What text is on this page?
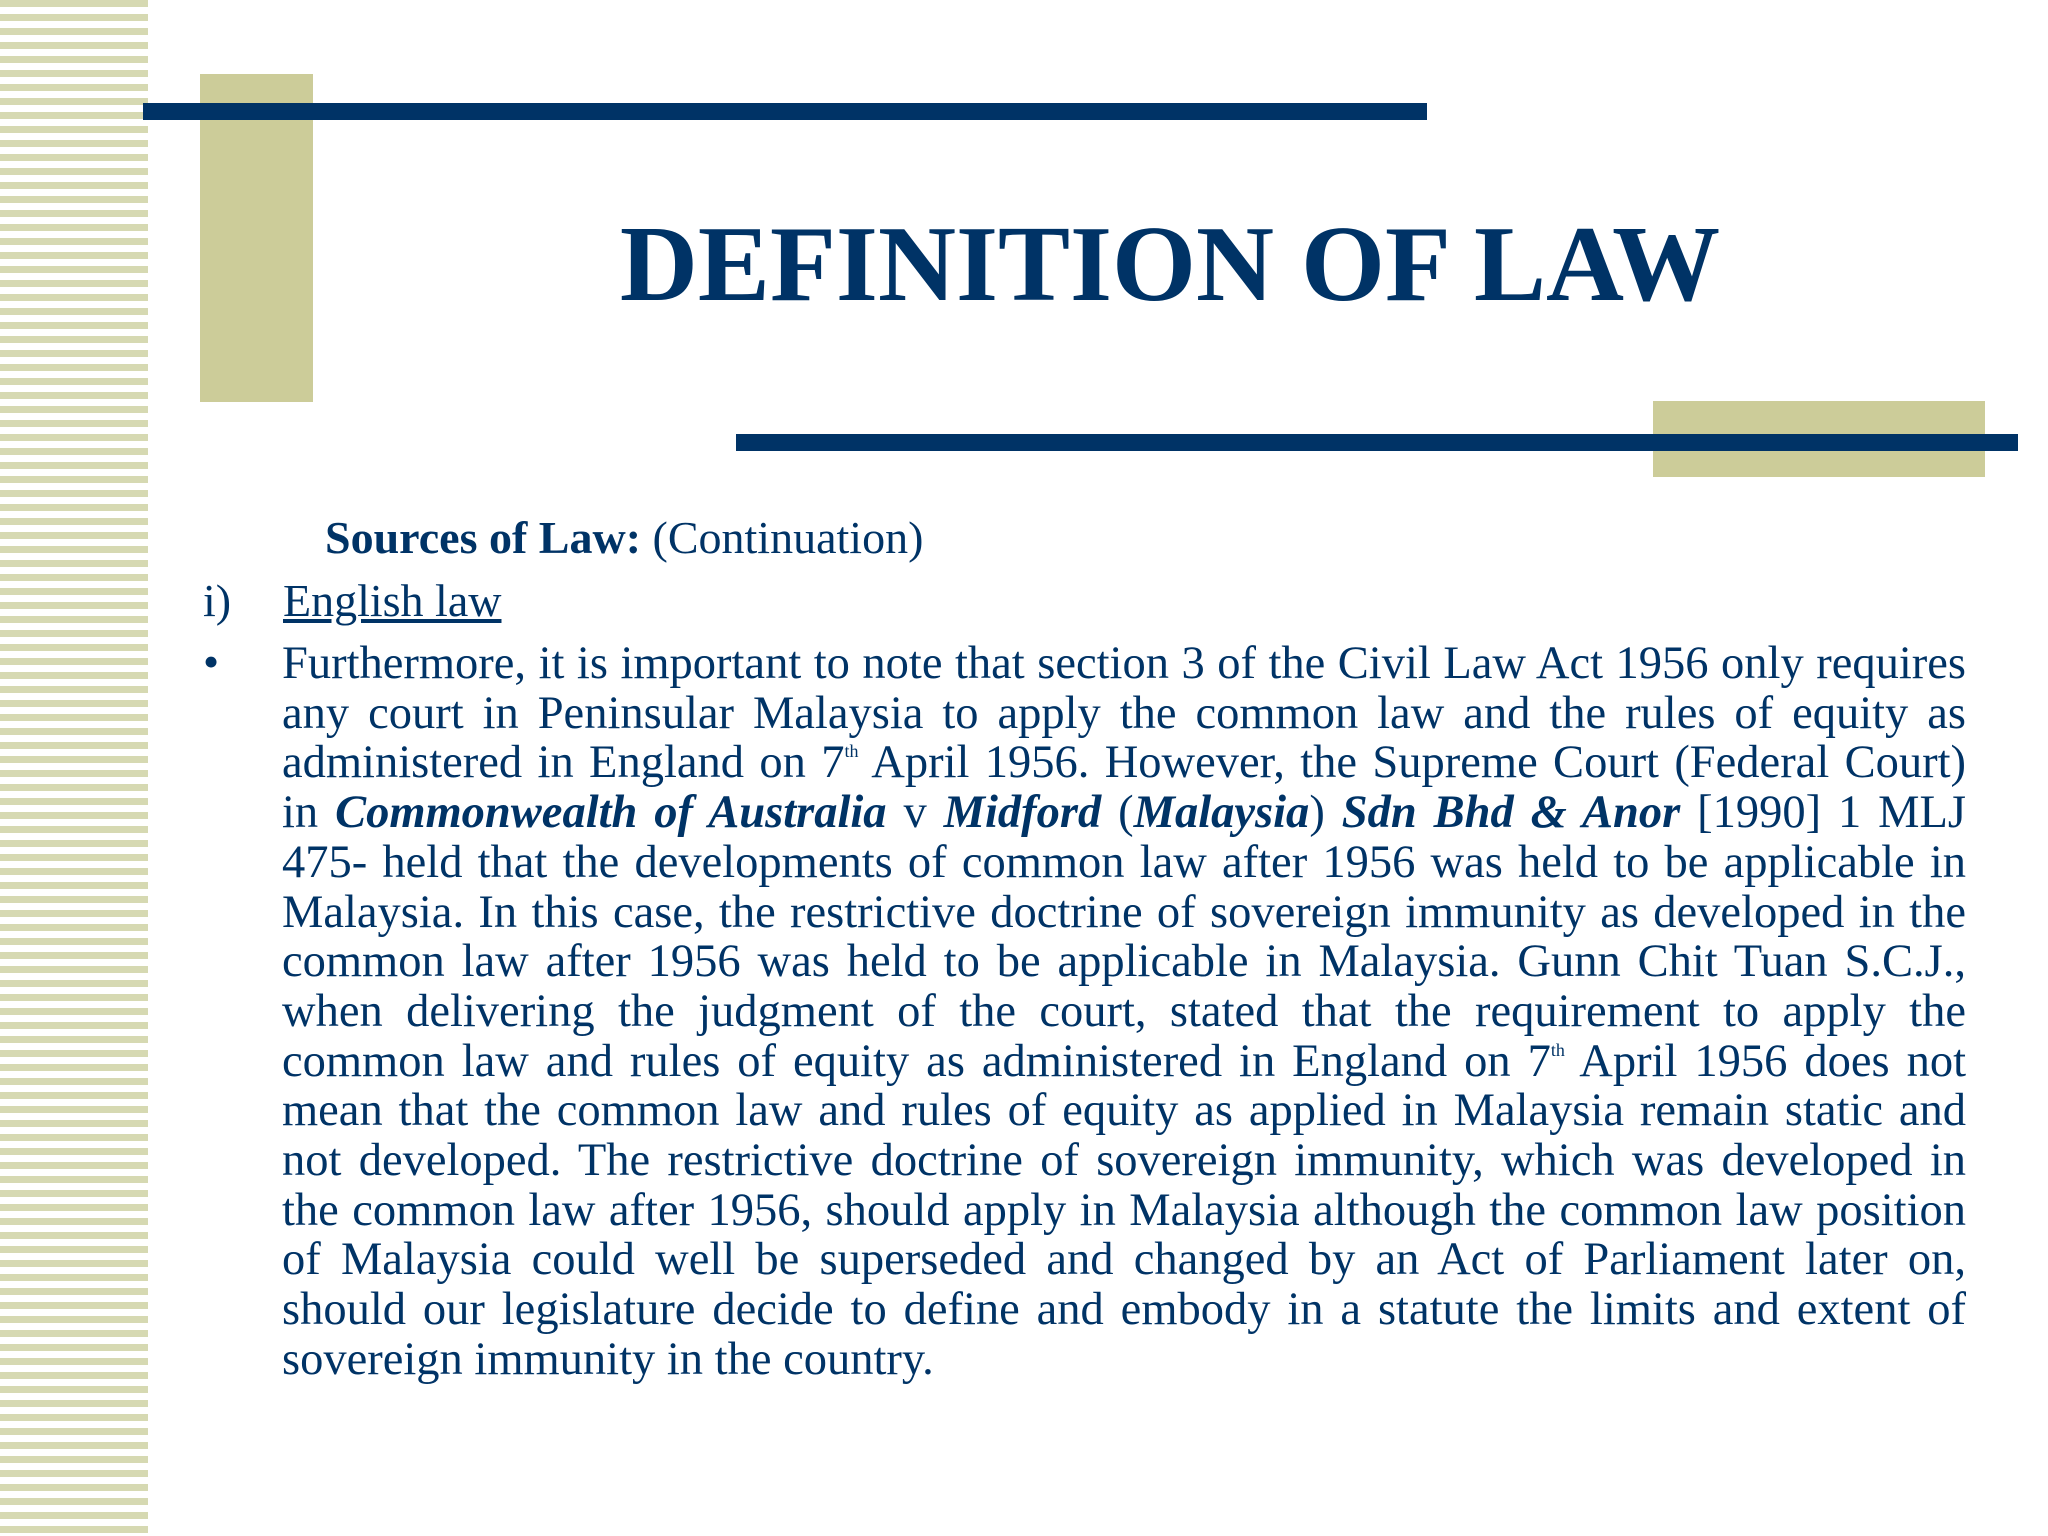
DEFINITION OF LAW
Sources of Law: (Continuation)
i) English law
• Furthermore, it is important to note that section 3 of the Civil Law Act 1956 only requires any court in Peninsular Malaysia to apply the common law and the rules of equity as administered in England on 7th April 1956. However, the Supreme Court (Federal Court) in Commonwealth of Australia v Midford (Malaysia) Sdn Bhd & Anor [1990] 1 MLJ 475- held that the developments of common law after 1956 was held to be applicable in Malaysia. In this case, the restrictive doctrine of sovereign immunity as developed in the common law after 1956 was held to be applicable in Malaysia. Gunn Chit Tuan S.C.J., when delivering the judgment of the court, stated that the requirement to apply the common law and rules of equity as administered in England on 7th April 1956 does not mean that the common law and rules of equity as applied in Malaysia remain static and not developed. The restrictive doctrine of sovereign immunity, which was developed in the common law after 1956, should apply in Malaysia although the common law position of Malaysia could well be superseded and changed by an Act of Parliament later on, should our legislature decide to define and embody in a statute the limits and extent of sovereign immunity in the country.
